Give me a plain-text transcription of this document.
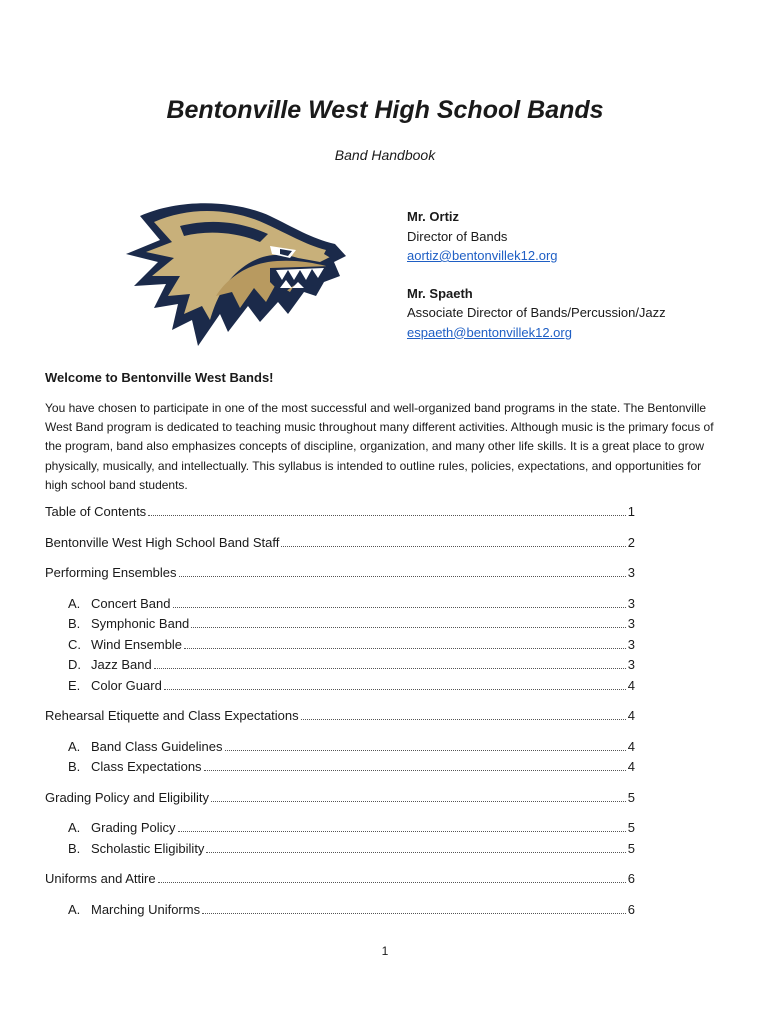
Bentonville West High School Bands
Band Handbook
Mr. Ortiz
Director of Bands
aortiz@bentonvillek12.org
Mr. Spaeth
Associate Director of Bands/Percussion/Jazz
espaeth@bentonvillek12.org
Welcome to Bentonville West Bands!

You have chosen to participate in one of the most successful and well-organized band programs in the state. The Bentonville West Band program is dedicated to teaching music throughout many different activities. Although music is the primary focus of the program, band also emphasizes concepts of discipline, organization, and many other life skills. It is a great place to grow physically, musically, and intellectually. This syllabus is intended to outline rules, policies, expectations, and opportunities for high school band students.

Table of Contents	1
Bentonville West High School Band Staff	2
Performing Ensembles	3
A. Concert Band	3
B. Symphonic Band	3
C. Wind Ensemble	3
D. Jazz Band	3
E. Color Guard	4
Rehearsal Etiquette and Class Expectations	4
A. Band Class Guidelines	4
B. Class Expectations	4
Grading Policy and Eligibility	5
A. Grading Policy	5
B. Scholastic Eligibility	5
Uniforms and Attire	6
A. Marching Uniforms	6
1
